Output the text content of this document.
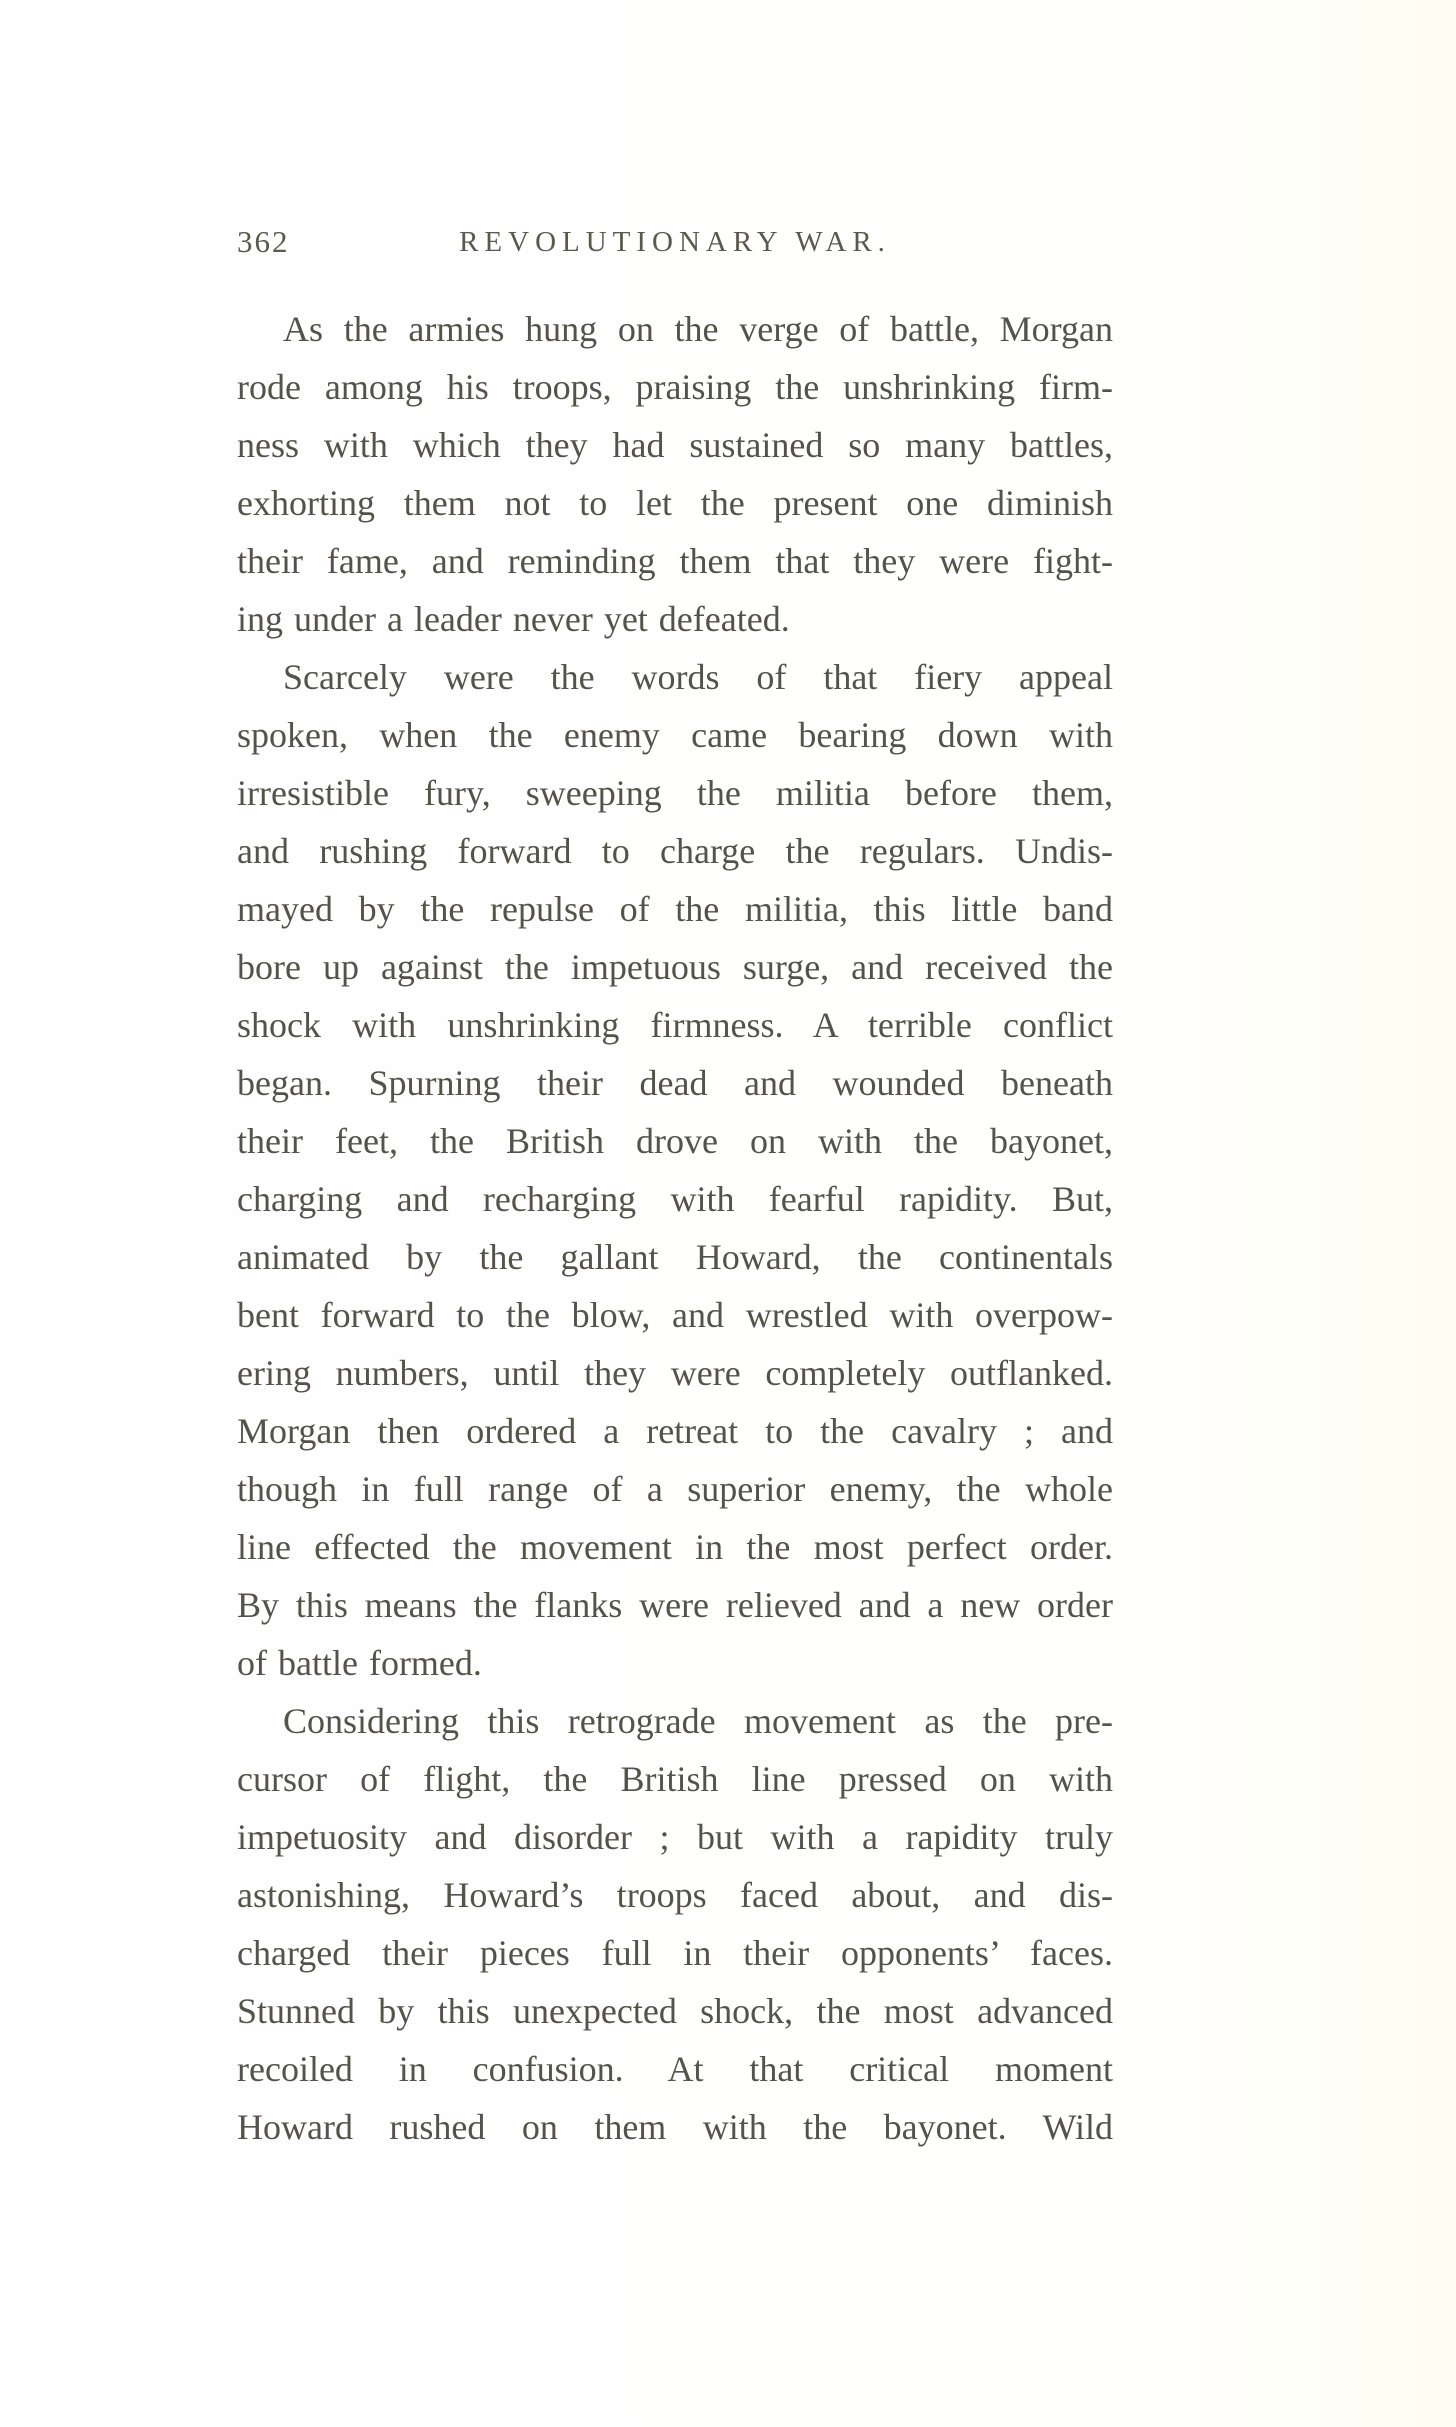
362	REVOLUTIONARY WAR.
As the armies hung on the verge of battle, Morgan
rode among his troops, praising the unshrinking firm-
ness with which they had sustained so many battles,
exhorting them not to let the present one diminish
their fame, and reminding them that they were fight-
ing under a leader never yet defeated.
Scarcely were the words of that fiery appeal
spoken, when the enemy came bearing down with
irresistible fury, sweeping the militia before them,
and rushing forward to charge the regulars. Undis-
mayed by the repulse of the militia, this little band
bore up against the impetuous surge, and received the
shock with unshrinking firmness. A terrible conflict
began. Spurning their dead and wounded beneath
their feet, the British drove on with the bayonet,
charging and recharging with fearful rapidity. But,
animated by the gallant Howard, the continentals
bent forward to the blow, and wrestled with overpow-
ering numbers, until they were completely outflanked.
Morgan then ordered a retreat to the cavalry ; and
though in full range of a superior enemy, the whole
line effected the movement in the most perfect order.
By this means the flanks were relieved and a new order
of battle formed.
Considering this retrograde movement as the pre-
cursor of flight, the British line pressed on with
impetuosity and disorder ; but with a rapidity truly
astonishing, Howard’s troops faced about, and dis-
charged their pieces full in their opponents’ faces.
Stunned by this unexpected shock, the most advanced
recoiled in confusion. At that critical moment
Howard rushed on them with the bayonet. Wild
